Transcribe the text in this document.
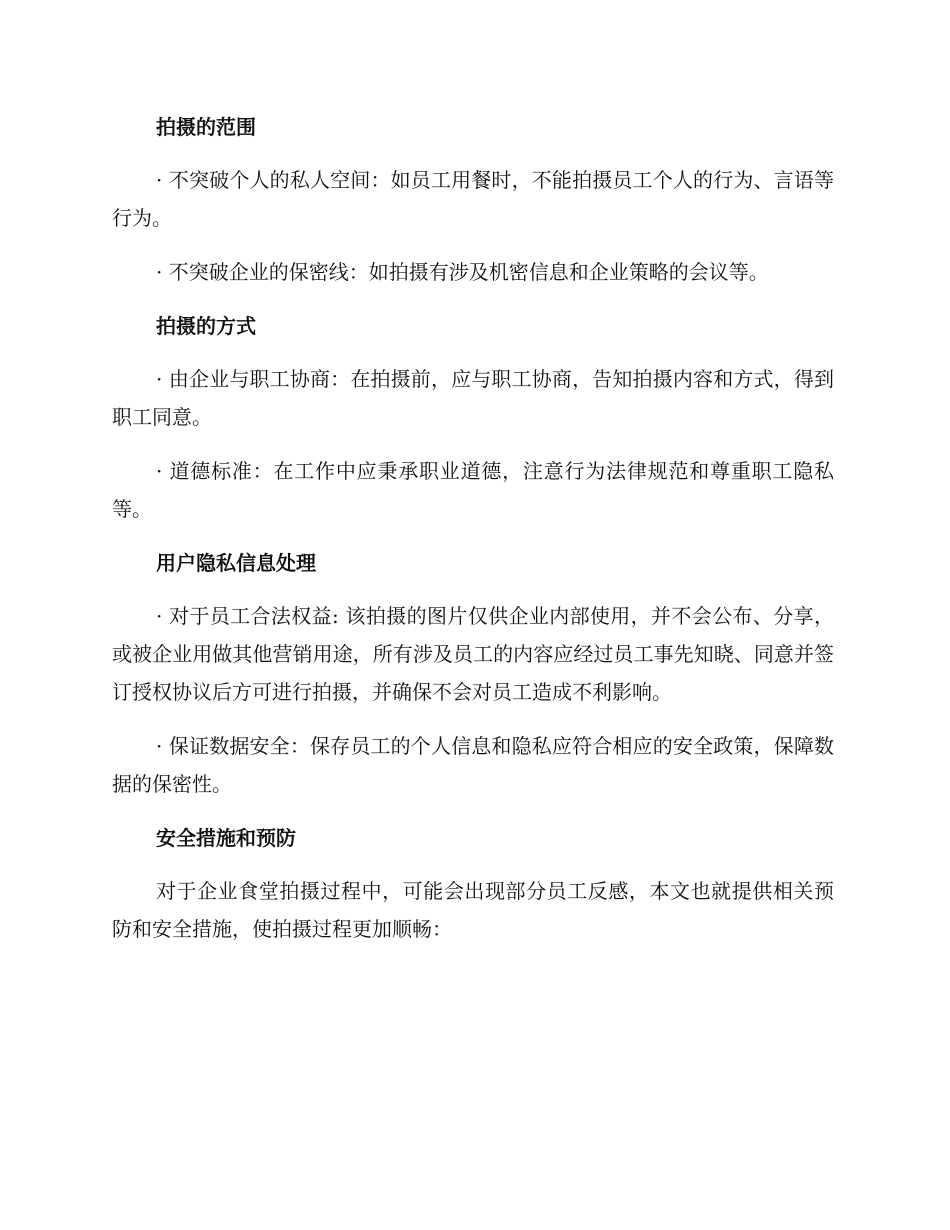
拍摄的范围

· 不突破个人的私人空间：如员工用餐时，不能拍摄员工个人的行为、言语等行为。

· 不突破企业的保密线：如拍摄有涉及机密信息和企业策略的会议等。

拍摄的方式

· 由企业与职工协商：在拍摄前，应与职工协商，告知拍摄内容和方式，得到职工同意。

· 道德标准：在工作中应秉承职业道德，注意行为法律规范和尊重职工隐私等。

用户隐私信息处理

· 对于员工合法权益: 该拍摄的图片仅供企业内部使用，并不会公布、分享，或被企业用做其他营销用途，所有涉及员工的内容应经过员工事先知晓、同意并签订授权协议后方可进行拍摄，并确保不会对员工造成不利影响。

· 保证数据安全：保存员工的个人信息和隐私应符合相应的安全政策，保障数据的保密性。

安全措施和预防

对于企业食堂拍摄过程中，可能会出现部分员工反感，本文也就提供相关预防和安全措施，使拍摄过程更加顺畅：
